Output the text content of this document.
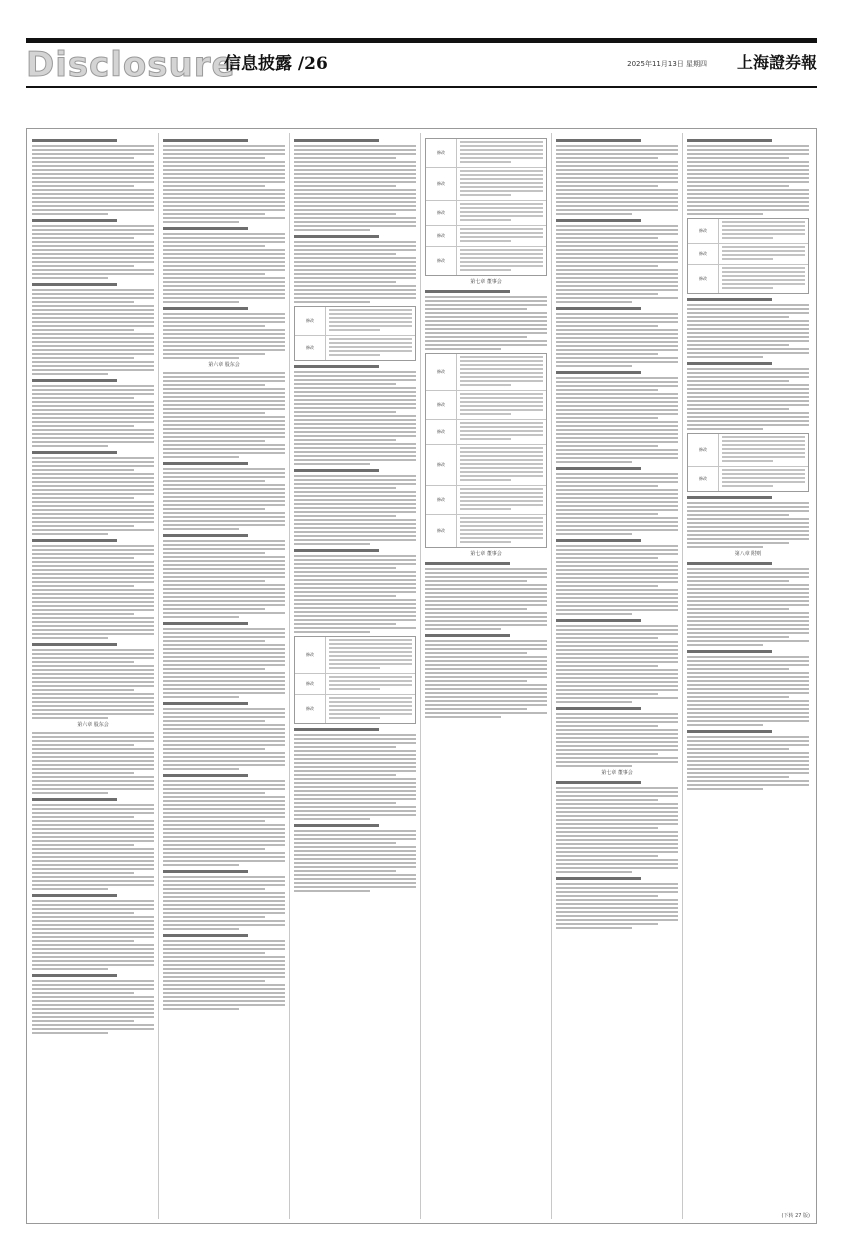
Disclosure
信息披露 /26	2025年11月13日 星期四 上海證券報
第六章 股东会
第六章 股东会
修改
修改
修改
修改
修改
修改
修改
修改
修改
修改
第七章 董事会
修改
修改
修改
修改
修改
修改
第七章 董事会
第七章 董事会
修改
修改
修改
修改
修改
第八章 附则
(下转 27 版)
